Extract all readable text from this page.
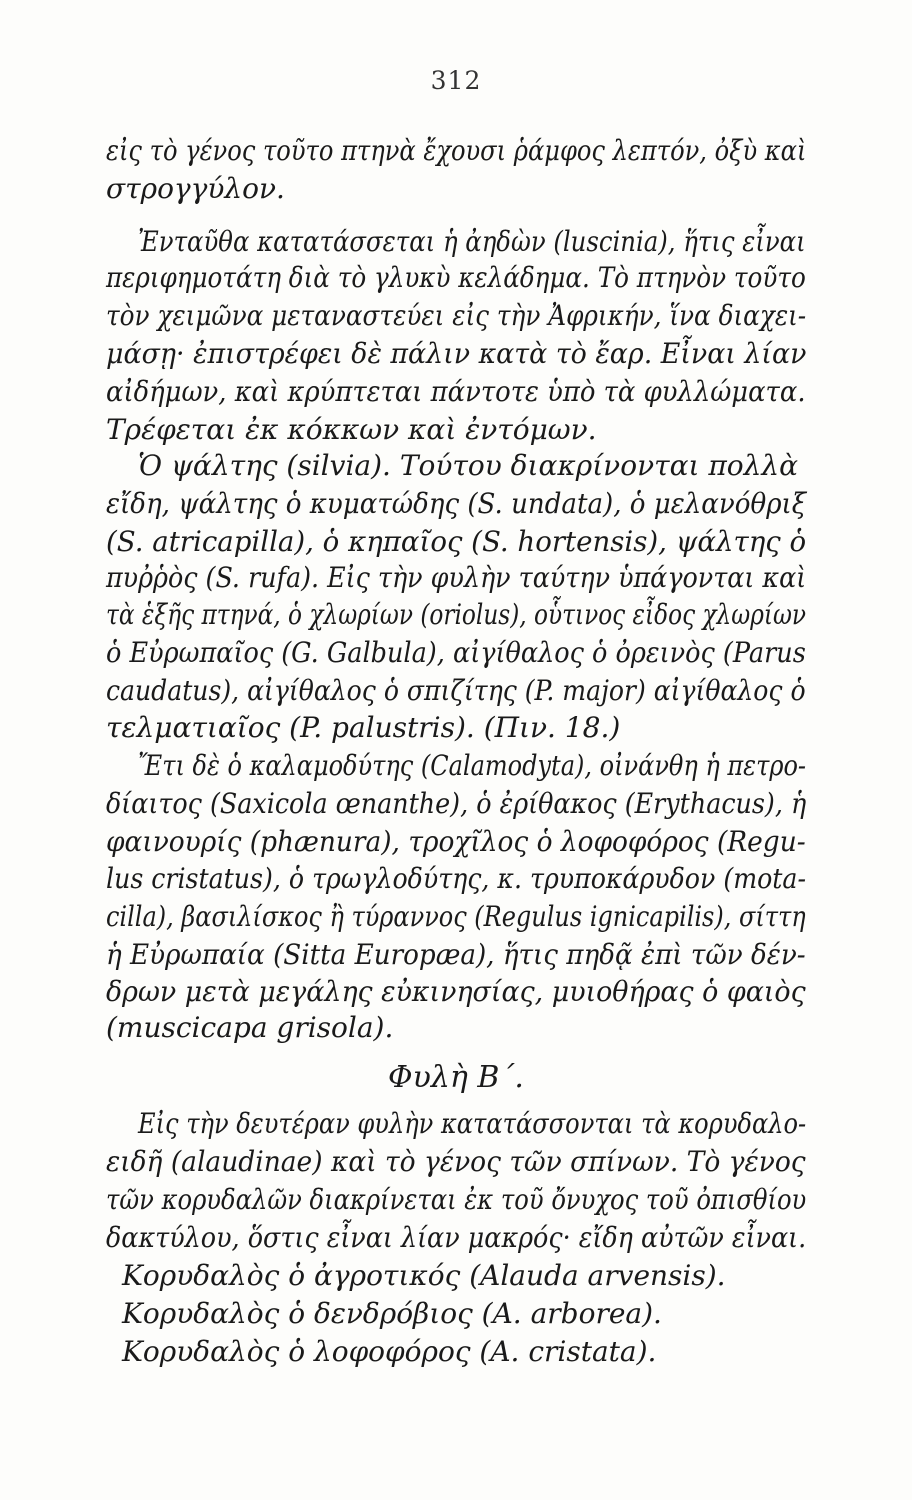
312

εἰς τὸ γένος τοῦτο πτηνὰ ἔχουσι ῥάμφος λεπτόν, ὀξὺ καὶ

στρογγύλον.

Ἐνταῦθα κατατάσσεται ἡ ἀηδὼν (luscinia), ἥτις εἶναι

περιφημοτάτη διὰ τὸ γλυκὺ κελάδημα. Τὸ πτηνὸν τοῦτο

τὸν χειμῶνα μεταναστεύει εἰς τὴν Ἀφρικήν, ἵνα διαχει-

μάσῃ· ἐπιστρέφει δὲ πάλιν κατὰ τὸ ἔαρ. Εἶναι λίαν

αἰδήμων, καὶ κρύπτεται πάντοτε ὑπὸ τὰ φυλλώματα.

Τρέφεται ἐκ κόκκων καὶ ἐντόμων.

Ὁ ψάλτης (silvia). Τούτου διακρίνονται πολλὰ

εἴδη, ψάλτης ὁ κυματώδης (S. undata), ὁ μελανόθριξ

(S. atricapilla), ὁ κηπαῖος (S. hortensis), ψάλτης ὁ

πυῤῥὸς (S. rufa). Εἰς τὴν φυλὴν ταύτην ὑπάγονται καὶ

τὰ ἑξῆς πτηνά, ὁ χλωρίων (oriolus), οὗτινος εἶδος χλωρίων

ὁ Εὐρωπαῖος (G. Galbula), αἰγίθαλος ὁ ὀρεινὸς (Parus

caudatus), αἰγίθαλος ὁ σπιζίτης (P. major) αἰγίθαλος ὁ

τελματιαῖος (P. palustris). (Πιν. 18.)

Ἔτι δὲ ὁ καλαμοδύτης (Calamodyta), οἰνάνθη ἡ πετρο-

δίαιτος (Saxicola œnanthe), ὁ ἐρίθακος (Erythacus), ἡ

φαινουρίς (phænura), τροχῖλος ὁ λοφοφόρος (Regu-

lus cristatus), ὁ τρωγλοδύτης, κ. τρυποκάρυδον (mota-

cilla), βασιλίσκος ἢ τύραννος (Regulus ignicapilis), σίττη

ἡ Εὐρωπαία (Sitta Europæa), ἥτις πηδᾷ ἐπὶ τῶν δέν-

δρων μετὰ μεγάλης εὐκινησίας, μυιοθήρας ὁ φαιὸς

(muscicapa grisola).

Φυλὴ Β΄.

Εἰς τὴν δευτέραν φυλὴν κατατάσσονται τὰ κορυδαλο-

ειδῆ (alaudinae) καὶ τὸ γένος τῶν σπίνων. Τὸ γένος

τῶν κορυδαλῶν διακρίνεται ἐκ τοῦ ὄνυχος τοῦ ὀπισθίου

δακτύλου, ὅστις εἶναι λίαν μακρός· εἴδη αὐτῶν εἶναι.

Κορυδαλὸς ὁ ἀγροτικός (Alauda arvensis).

Κορυδαλὸς ὁ δενδρόβιος (A. arborea).

Κορυδαλὸς ὁ λοφοφόρος (A. cristata).
